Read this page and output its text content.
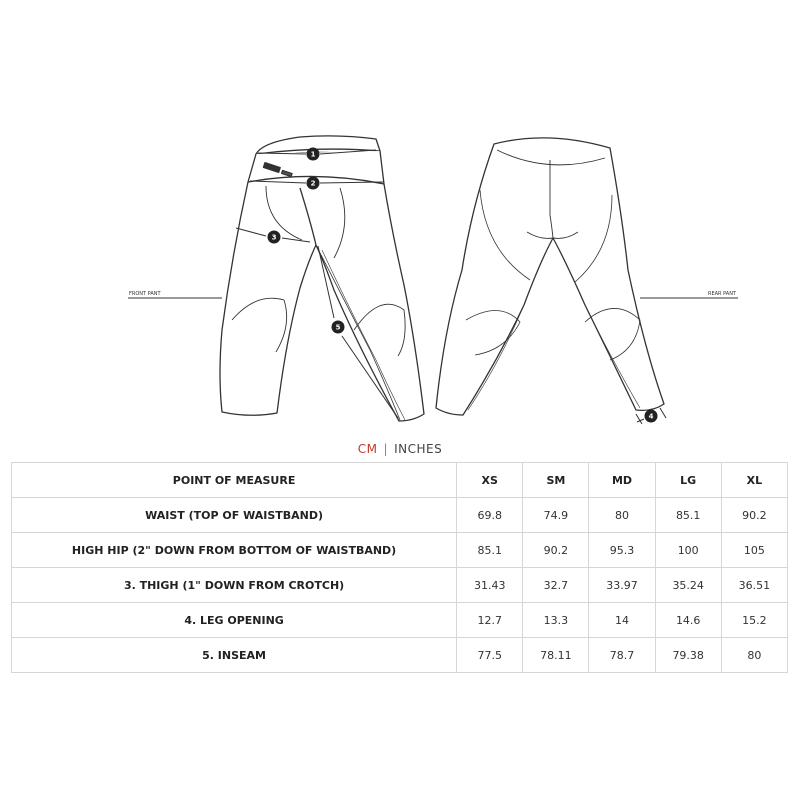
1
2
3
5
FRONT PANT
4
REAR PANT
CM | INCHES
POINT OF MEASURE	XS	SM	MD	LG	XL
WAIST (TOP OF WAISTBAND)	69.8	74.9	80	85.1	90.2
HIGH HIP (2" DOWN FROM BOTTOM OF WAISTBAND)	85.1	90.2	95.3	100	105
3. THIGH (1" DOWN FROM CROTCH)	31.43	32.7	33.97	35.24	36.51
4. LEG OPENING	12.7	13.3	14	14.6	15.2
5. INSEAM	77.5	78.11	78.7	79.38	80
